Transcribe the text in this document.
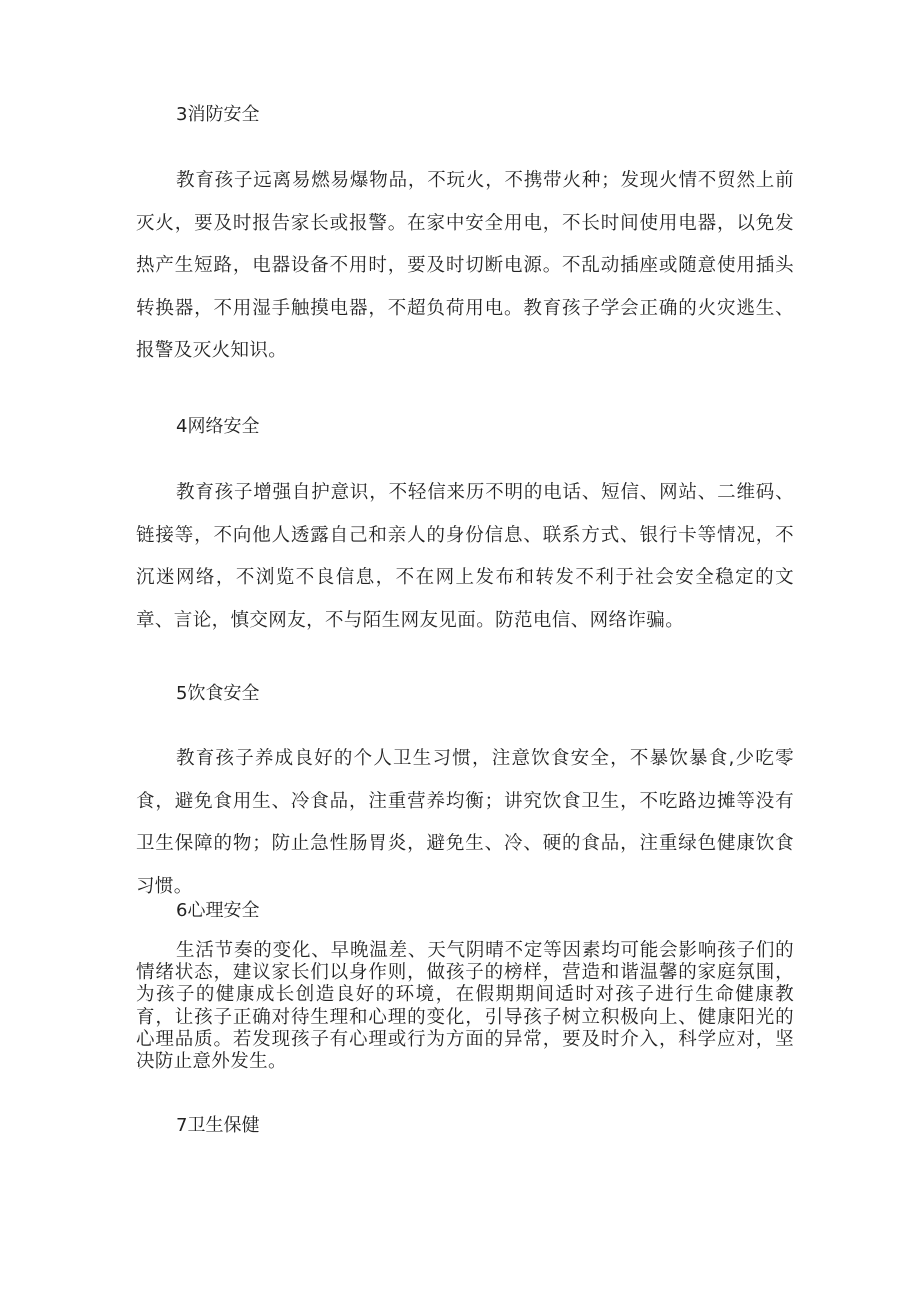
3消防安全

教育孩子远离易燃易爆物品，不玩火，不携带火种；发现火情不贸然上前灭火，要及时报告家长或报警。在家中安全用电，不长时间使用电器，以免发热产生短路，电器设备不用时，要及时切断电源。不乱动插座或随意使用插头转换器，不用湿手触摸电器，不超负荷用电。教育孩子学会正确的火灾逃生、报警及灭火知识。

4网络安全

教育孩子增强自护意识，不轻信来历不明的电话、短信、网站、二维码、链接等，不向他人透露自己和亲人的身份信息、联系方式、银行卡等情况，不沉迷网络，不浏览不良信息，不在网上发布和转发不利于社会安全稳定的文章、言论，慎交网友，不与陌生网友见面。防范电信、网络诈骗。

5饮食安全

教育孩子养成良好的个人卫生习惯，注意饮食安全，不暴饮暴食,少吃零食，避免食用生、冷食品，注重营养均衡；讲究饮食卫生，不吃路边摊等没有卫生保障的物；防止急性肠胃炎，避免生、冷、硬的食品，注重绿色健康饮食习惯。

6心理安全

生活节奏的变化、早晚温差、天气阴晴不定等因素均可能会影响孩子们的情绪状态，建议家长们以身作则，做孩子的榜样，营造和谐温馨的家庭氛围，为孩子的健康成长创造良好的环境，在假期期间适时对孩子进行生命健康教育，让孩子正确对待生理和心理的变化，引导孩子树立积极向上、健康阳光的心理品质。若发现孩子有心理或行为方面的异常，要及时介入，科学应对，坚决防止意外发生。

7卫生保健
